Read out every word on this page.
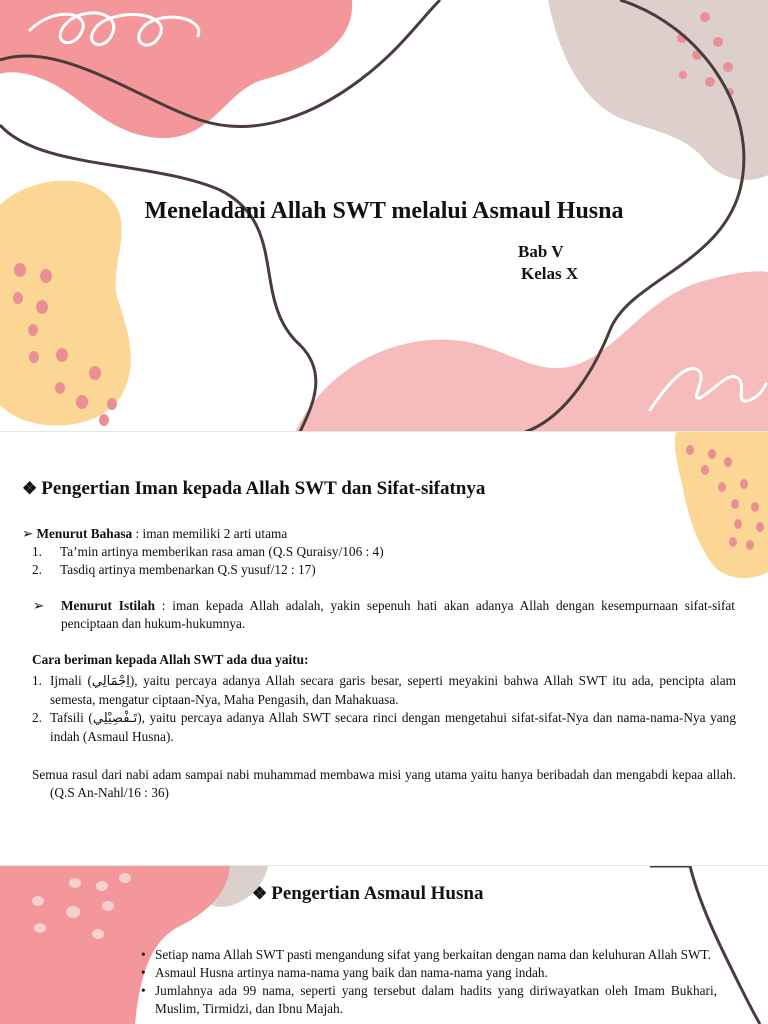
Meneladani Allah SWT melalui Asmaul Husna
Bab V
Kelas X
❖ Pengertian Iman kepada Allah SWT dan Sifat-sifatnya
➢ Menurut Bahasa : iman memiliki 2 arti utama
1.	Ta’min artinya memberikan rasa aman (Q.S Quraisy/106 : 4)
2.	Tasdiq artinya membenarkan Q.S yusuf/12 : 17)
➢	Menurut Istilah : iman kepada Allah adalah, yakin sepenuh hati akan adanya Allah dengan kesempurnaan sifat-sifat penciptaan dan hukum-hukumnya.
Cara beriman kepada Allah SWT ada dua yaitu:
1. Ijmali (اِجْمَالِي), yaitu percaya adanya Allah secara garis besar, seperti meyakini bahwa Allah SWT itu ada, pencipta alam semesta, mengatur ciptaan-Nya, Maha Pengasih, dan Mahakuasa.
2. Tafsili (تَـفْصِيْلِي), yaitu percaya adanya Allah SWT secara rinci dengan mengetahui sifat-sifat-Nya dan nama-nama-Nya yang indah (Asmaul Husna).
Semua rasul dari nabi adam sampai nabi muhammad membawa misi yang utama yaitu hanya beribadah dan mengabdi kepaa allah. (Q.S An-Nahl/16 : 36)
❖ Pengertian Asmaul Husna
• Setiap nama Allah SWT pasti mengandung sifat yang berkaitan dengan nama dan keluhuran Allah SWT.
• Asmaul Husna artinya nama-nama yang baik dan nama-nama yang indah.
• Jumlahnya ada 99 nama, seperti yang tersebut dalam hadits yang diriwayatkan oleh Imam Bukhari, Muslim, Tirmidzi, dan Ibnu Majah.
